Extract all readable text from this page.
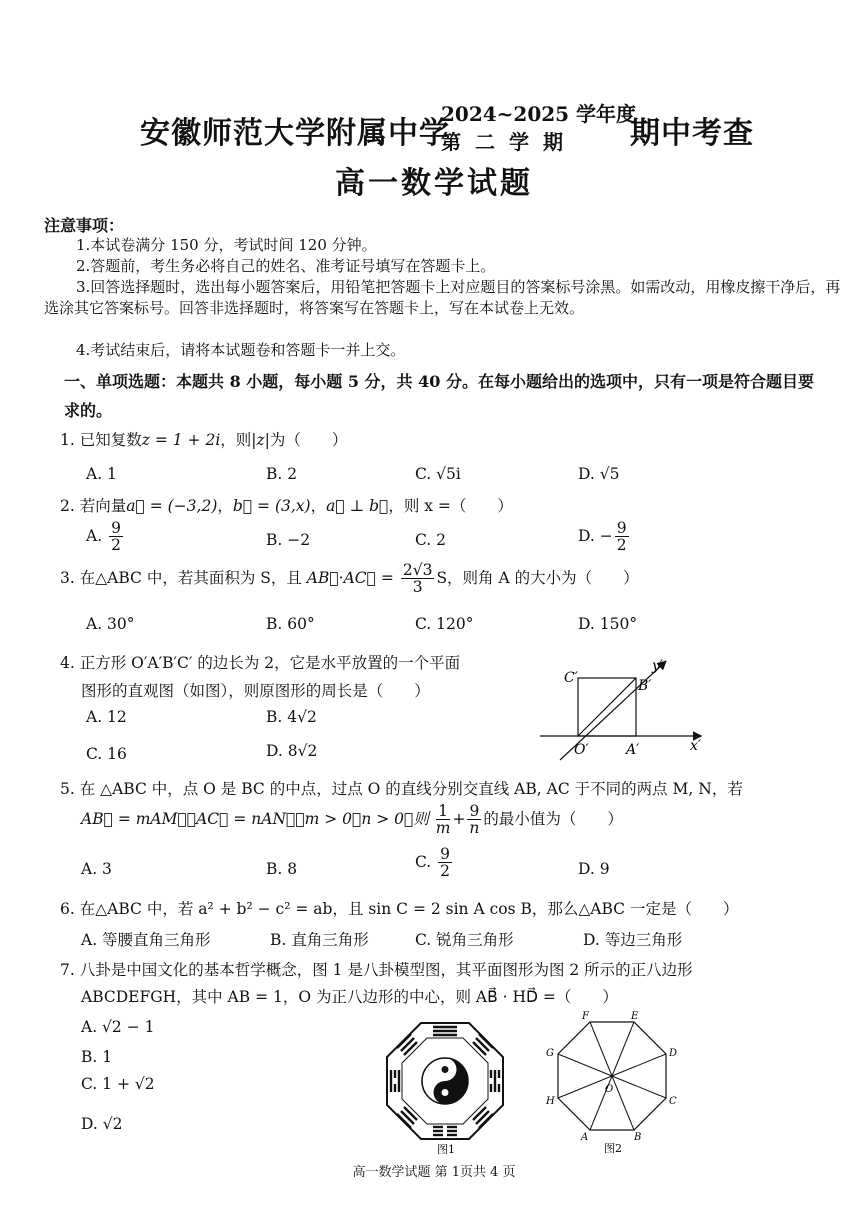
安徽师范大学附属中学
2024~2025 学年度
第二学期 期中考查
高一数学试题
注意事项：
1.本试卷满分 150 分，考试时间 120 分钟。
2.答题前，考生务必将自己的姓名、准考证号填写在答题卡上。
3.回答选择题时，选出每小题答案后，用铅笔把答题卡上对应题目的答案标号涂黑。如需改动，用橡皮擦干净后，再选涂其它答案标号。回答非选择题时，将答案写在答题卡上，写在本试卷上无效。
4.考试结束后，请将本试题卷和答题卡一并上交。
一、单项选题：本题共 8 小题，每小题 5 分，共 40 分。在每小题给出的选项中，只有一项是符合题目要求的。
1. 已知复数z = 1 + 2i，则|z|为（　　）
A. 1	B. 2	C. √5i	D. √5
2. 若向量a⃗ = (−3,2)，b⃗ = (3,x)，a⃗ ⊥ b⃗，则 x =（　　）
A. $\frac{9}{2}$	B. −2	C. 2	D. − $\frac{9}{2}$
3. 在△ABC 中，若其面积为 S，且 AB⃗·AC⃗ = $\frac{2√3}{3}$ S，则角 A 的大小为（　　）
A. 30°	B. 60°	C. 120°	D. 150°
4. 正方形 O′A′B′C′ 的边长为 2，它是水平放置的一个平面
图形的直观图（如图），则原图形的周长是（　　）
A. 12	B. 4√2
C. 16	D. 8√2
C′	B′
O′	A′	x′
y′
5. 在 △ABC 中，点 O 是 BC 的中点，过点 O 的直线分别交直线 AB, AC 于不同的两点 M, N，若
AB⃗ = mAM⃗，AC⃗ = nAN⃗，m > 0，n > 0，则 $\frac{1}{m} + \frac{9}{n}$ 的最小值为（　　）
A. 3	B. 8	C. $\frac{9}{2}$	D. 9
6. 在△ABC 中，若 a² + b² − c² = ab，且 sin C = 2 sin A cos B，那么△ABC 一定是（　　）
A. 等腰直角三角形	B. 直角三角形	C. 锐角三角形	D. 等边三角形
7. 八卦是中国文化的基本哲学概念，图 1 是八卦模型图，其平面图形为图 2 所示的正八边形
ABCDEFGH，其中 AB = 1，O 为正八边形的中心，则 AB⃗ · HD⃗ =（　　）
A. √2 − 1
B. 1
C. 1 + √2
D. √2
图1
F	E
G	D
H	C
A	B
O
图2
高一数学试题 第 1页共 4 页
